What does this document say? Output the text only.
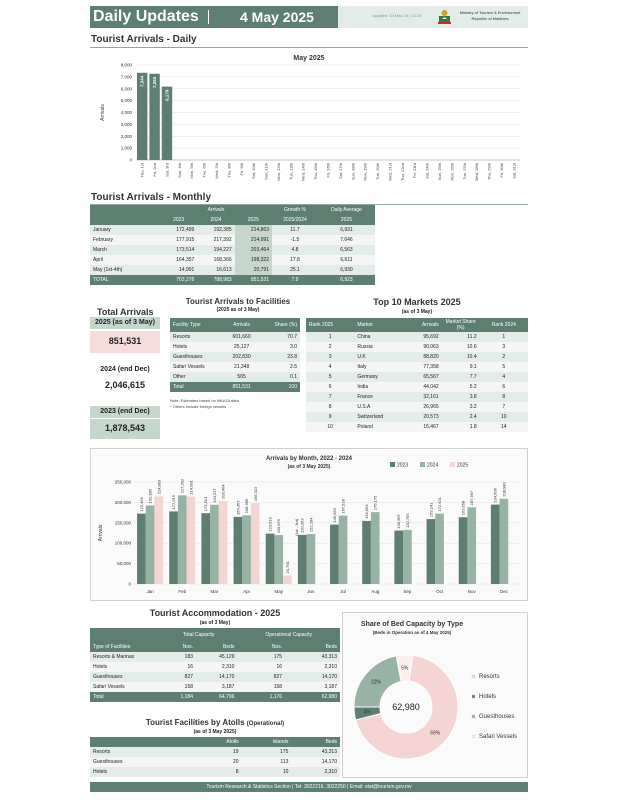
Daily Updates	4 May 2025	Updated: 04 May 25 | 10:24
Ministry of Tourism & Environment
Republic of Maldives
Tourist Arrivals - Daily
May 2025
0
1,000
2,000
3,000
4,000
5,000
6,000
7,000
8,000
Arrivals
7,344
Thu, 1st
7,263
Fri, 2nd
6,179
Sat, 3rd Sun, 4th Mon, 5th Tue, 6th Wed, 7th Thu, 8th Fri, 9th Sat, 10th Sun, 11th Mon, 12th Tue, 13th Wed, 14th Thu, 15th Fri, 16th Sat, 17th Sun, 18th Mon, 19th Tue, 20th Wed, 21st Thu, 22nd Fri, 23rd Sat, 24th Sun, 25th Mon, 26th Tue, 27th Wed, 28th Thu, 29th Fri, 30th Sat, 31st
Tourist Arrivals - Monthly
	Arrivals			Growth %	Daily Average
	2023	2024	2025	2025/2024	2025
January	172,499	192,385	214,863	11.7	6,931
February	177,915	217,392	214,091	-1.5	7,646
March	173,514	194,227	203,464	4.8	6,563
April	164,357	168,366	198,322	17.8	6,611
May (1st-4th)	14,991	16,613	20,791	25.1	6,930
TOTAL	703,276	788,983	851,531	7.9	6,923
Total Arrivals
2025 (as of 3 May)
851,531
2024 (end Dec)
2,046,615
2023 (end Dec)
1,878,543
Tourist Arrivals to Facilities
(2025 as of 3 May)
Facility Type	Arrivals	Share (%)
Resorts	601,660	70.7
Hotels	25,127	3.0
Guesthouses	202,830	23.8
Safari Vessels	21,348	2.5
Other	565	0.1
Total	851,531	100
Note: Estimates based on IMUGA data
* Others include foreign vessels
Top 10 Markets 2025
(as of 3 May)
Rank 2025	Market	Arrivals	Market Share (%)	Rank 2024
1	China	95,692	11.2	1
2	Russia	90,063	10.6	3
3	U.K	88,820	10.4	2
4	Italy	77,358	9.1	5
5	Germany	65,567	7.7	4
6	India	44,042	5.2	6
7	France	32,161	3.8	8
8	U.S.A	26,965	3.2	7
9	Switzerland	20,573	2.4	10
10	Poland	15,467	1.8	14
Arrivals by Month, 2022 - 2024
(as of 3 May 2025)
0
50,000
100,000
150,000
200,000
250,000
Arrivals
172,499
192,385
214,863
Jan
177,915
217,392 214,091
Feb
173,514
194,227 203,464
Mar
164,357 168,366
198,322
Apr
123,519 119,875
20,791
May
120,363 122,284
Jun
145,620
167,528
Jul
154,654
176,175
Aug
130,967 132,795
Sep
159,141 172,621
Oct
163,658
187,967
Nov
194,606 208,980
Dec
(1st - 3rd)
2023	2024	2025
Tourist Accommodation - 2025
(as of 3 May)
	Total Capacity		Operational Capacity	
Type of Facilities	Nos.	Beds	Nos.	Beds
Resorts & Marinas	183	45,129	175	43,313
Hotels	16	2,310	16	2,310
Guesthouses	827	14,170	827	14,170
Safari Vessels	158	3,187	158	3,187
Total	1,184	64,796	1,176	62,980
Tourist Facilities by Atolls (Operational)
(as of 3 May 2025)
	Atolls	Islands	Beds
Resorts	19	175	43,313
Guesthouses	20	113	14,170
Hotels	8	10	2,310
Share of Bed Capacity by Type
(Beds in Operation as of 4 May 2025)
69%
4%
22%
5%
62,980
Resorts
Hotels
Guesthouses
Safari Vessels
Tourism Research & Statistics Section | Tel: 3022216, 3022250 | Email: stat@tourism.gov.mv
